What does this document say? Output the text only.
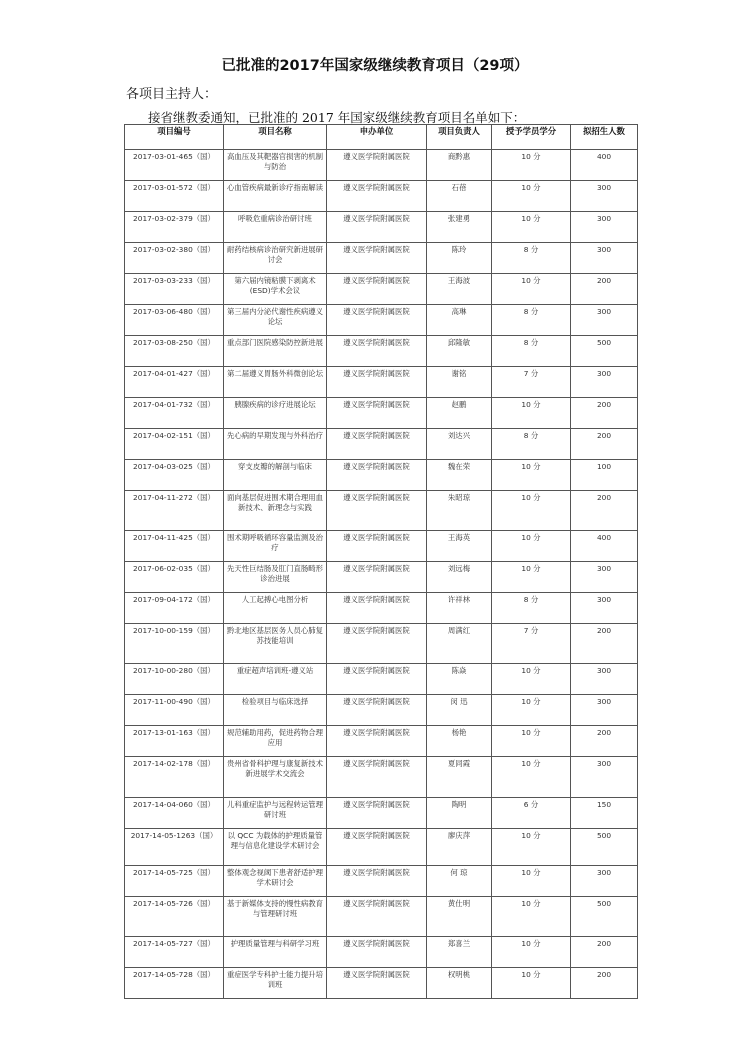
已批准的2017年国家级继续教育项目（29项）
各项目主持人：
接省继教委通知，已批准的 2017 年国家级继续教育项目名单如下：
项目编号	项目名称	申办单位	项目负责人	授予学员学分	拟招生人数
2017-03-01-465（国）	高血压及其靶器官损害的机制与防治	遵义医学院附属医院	商黔惠	10 分	400
2017-03-01-572（国）	心血管疾病最新诊疗指南解读	遵义医学院附属医院	石蓓	10 分	300
2017-03-02-379（国）	呼吸危重病诊治研讨班	遵义医学院附属医院	张建勇	10 分	300
2017-03-02-380（国）	耐药结核病诊治研究新进展研讨会	遵义医学院附属医院	陈玲	8 分	300
2017-03-03-233（国）	第六届内镜粘膜下剥离术(ESD)学术会议	遵义医学院附属医院	王海波	10 分	200
2017-03-06-480（国）	第三届内分泌代谢性疾病遵义论坛	遵义医学院附属医院	高琳	8 分	300
2017-03-08-250（国）	重点部门医院感染防控新进展	遵义医学院附属医院	邱隆敏	8 分	500
2017-04-01-427（国）	第二届遵义胃肠外科微创论坛	遵义医学院附属医院	谢铭	7 分	300
2017-04-01-732（国）	胰腺疾病的诊疗进展论坛	遵义医学院附属医院	赵鹏	10 分	200
2017-04-02-151（国）	先心病的早期发现与外科治疗	遵义医学院附属医院	刘达兴	8 分	200
2017-04-03-025（国）	穿支皮瓣的解剖与临床	遵义医学院附属医院	魏在荣	10 分	100
2017-04-11-272（国）	面向基层促进围术期合理用血新技术、新理念与实践	遵义医学院附属医院	朱昭琼	10 分	200
2017-04-11-425（国）	围术期呼吸循环容量监测及治疗	遵义医学院附属医院	王海英	10 分	400
2017-06-02-035（国）	先天性巨结肠及肛门直肠畸形诊治进展	遵义医学院附属医院	刘远梅	10 分	300
2017-09-04-172（国）	人工起搏心电图分析	遵义医学院附属医院	许祥林	8 分	300
2017-10-00-159（国）	黔北地区基层医务人员心肺复苏技能培训	遵义医学院附属医院	周满红	7 分	200
2017-10-00-280（国）	重症超声培训班-遵义站	遵义医学院附属医院	陈焱	10 分	300
2017-11-00-490（国）	检验项目与临床选择	遵义医学院附属医院	闵 迅	10 分	300
2017-13-01-163（国）	规范辅助用药，促进药物合理应用	遵义医学院附属医院	杨艳	10 分	200
2017-14-02-178（国）	贵州省骨科护理与康复新技术新进展学术交流会	遵义医学院附属医院	夏同霞	10 分	300
2017-14-04-060（国）	儿科重症监护与远程转运管理研讨班	遵义医学院附属医院	陶明	6 分	150
2017-14-05-1263（国）	以 QCC 为载体的护理质量管理与信息化建设学术研讨会	遵义医学院附属医院	廖庆萍	10 分	500
2017-14-05-725（国）	整体观念视阈下患者舒适护理学术研讨会	遵义医学院附属医院	何 琼	10 分	300
2017-14-05-726（国）	基于新媒体支持的慢性病教育与管理研讨班	遵义医学院附属医院	黄仕明	10 分	500
2017-14-05-727（国）	护理质量管理与科研学习班	遵义医学院附属医院	郑喜兰	10 分	200
2017-14-05-728（国）	重症医学专科护士能力提升培训班	遵义医学院附属医院	权明桃	10 分	200
